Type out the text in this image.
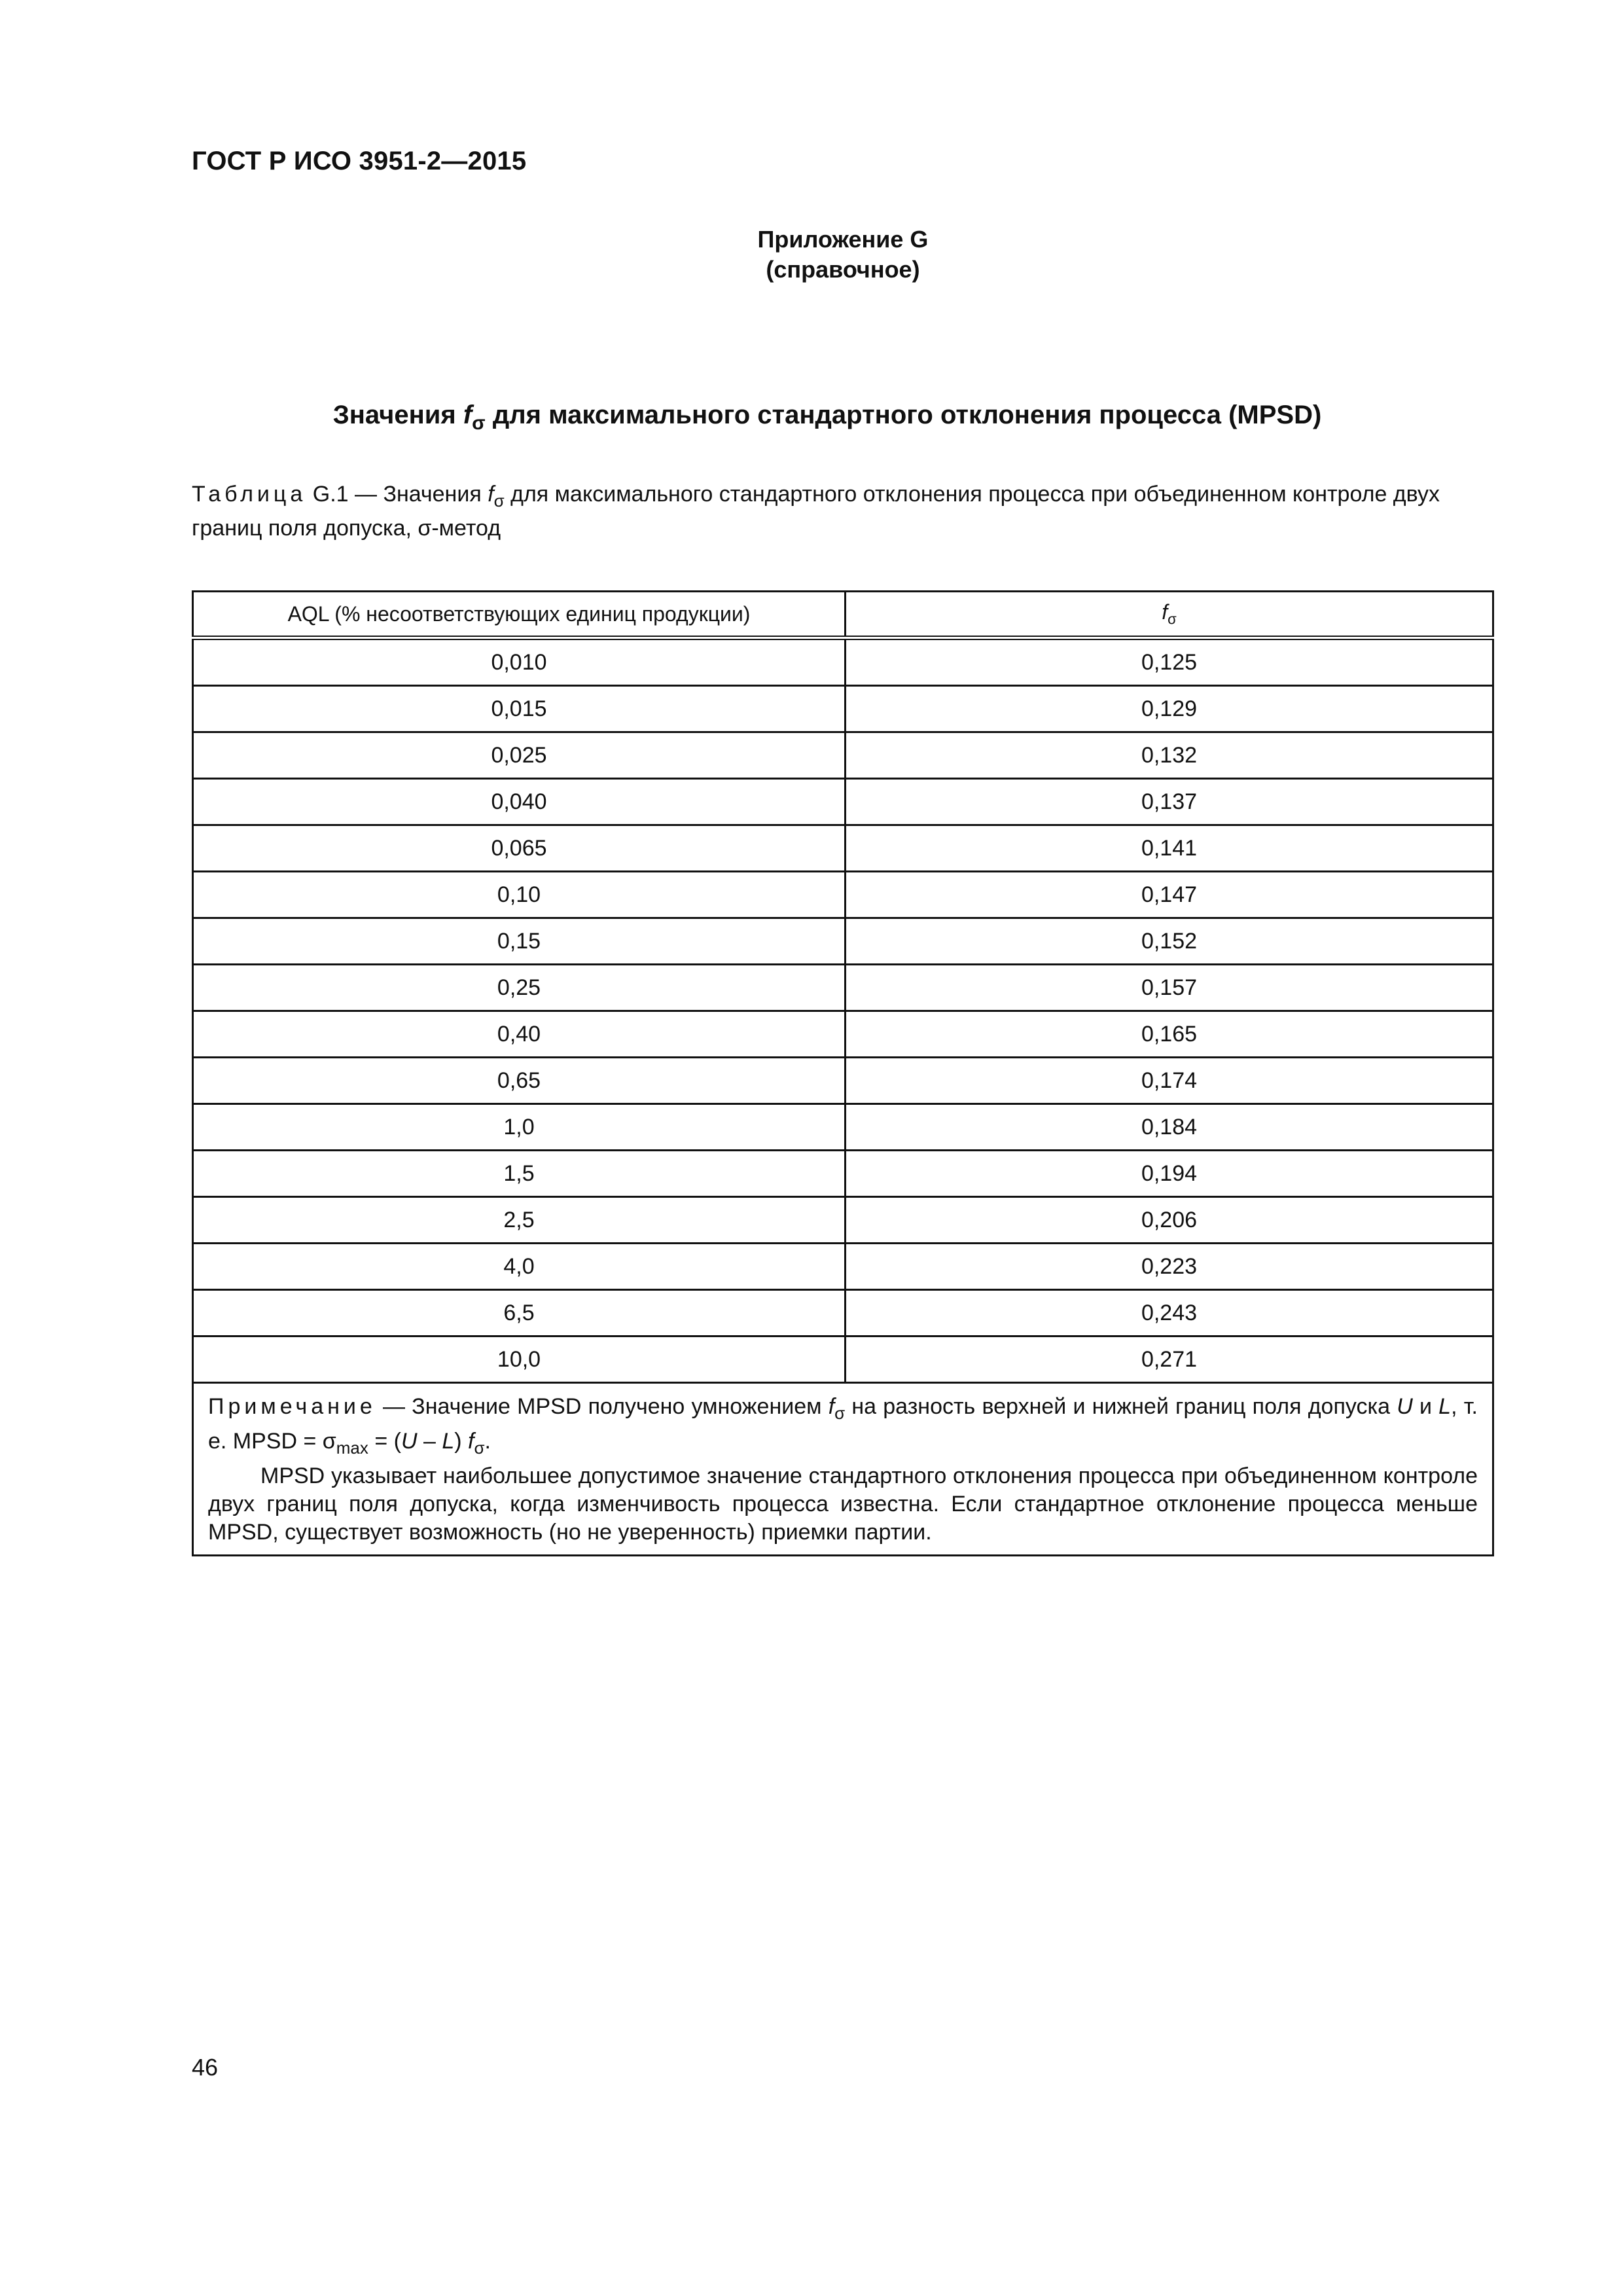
ГОСТ Р ИСО 3951-2—2015
Приложение G
(справочное)
Значения $f_\sigma$ для максимального стандартного отклонения процесса (MPSD)
Таблица G.1 — Значения $f_\sigma$ для максимального стандартного отклонения процесса при объединенном контроле двух границ поля допуска, σ-метод
AQL (% несоответствующих единиц продукции)	$f_\sigma$
0,010	0,125
0,015	0,129
0,025	0,132
0,040	0,137
0,065	0,141
0,10	0,147
0,15	0,152
0,25	0,157
0,40	0,165
0,65	0,174
1,0	0,184
1,5	0,194
2,5	0,206
4,0	0,223
6,5	0,243
10,0	0,271

Примечание — Значение MPSD получено умножением $f_\sigma$ на разность верхней и нижней границ поля допуска U и L, т. е. MPSD = $\sigma_{max} = (U - L)$ $f_\sigma$.

MPSD указывает наибольшее допустимое значение стандартного отклонения процесса при объединенном контроле двух границ поля допуска, когда изменчивость процесса известна. Если стандартное отклонение процесса меньше MPSD, существует возможность (но не уверенность) приемки партии.	

46
